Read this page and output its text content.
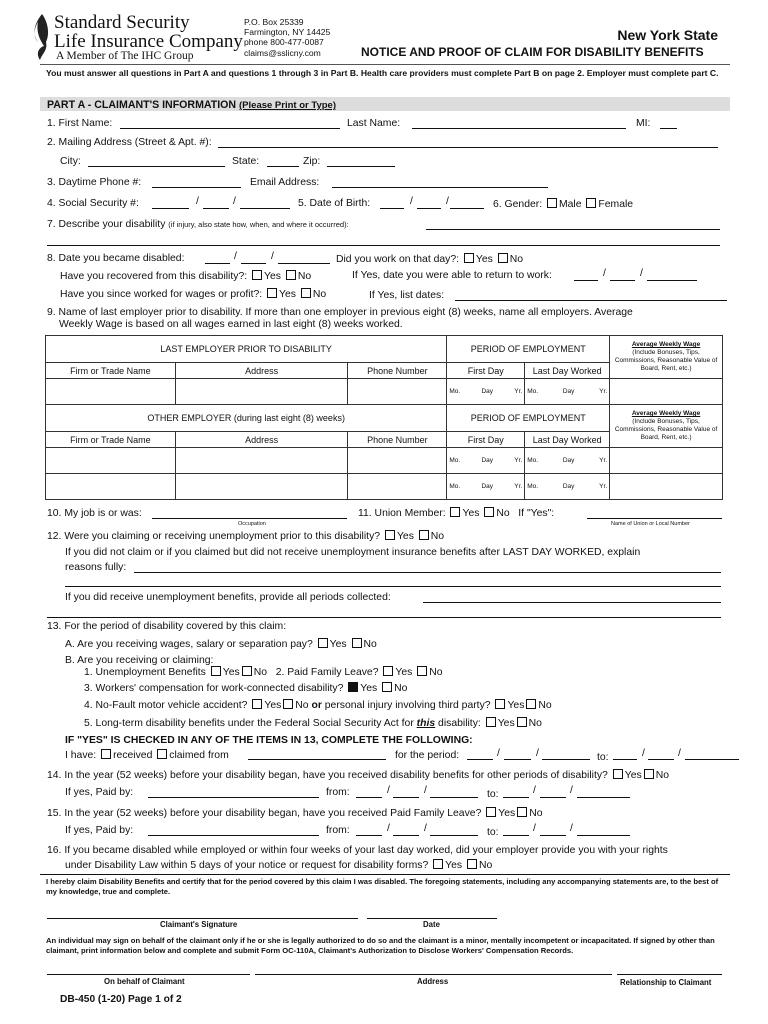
Standard Security
Life Insurance Company
A Member of The IHC Group
P.O. Box 25339
Farmington, NY 14425
phone 800-477-0087
claims@sslicny.com
New York State
NOTICE AND PROOF OF CLAIM FOR DISABILITY BENEFITS
You must answer all questions in Part A and questions 1 through 3 in Part B. Health care providers must complete Part B on page 2. Employer must complete part C.
PART A - CLAIMANT'S INFORMATION (Please Print or Type)
1. First Name:	Last Name:	MI:
2. Mailing Address (Street & Apt. #):
City:	State:	Zip:
3. Daytime Phone #:	Email Address:
4. Social Security #:	/	/	5. Date of Birth:	/	/	6. Gender: Male Female
7. Describe your disability (if injury, also state how, when, and where it occurred):
8. Date you became disabled:	/	/	Did you work on that day?: Yes No
Have you recovered from this disability?: Yes No	If Yes, date you were able to return to work:	/	/
Have you since worked for wages or profit?: Yes No	If Yes, list dates:
9. Name of last employer prior to disability. If more than one employer in previous eight (8) weeks, name all employers. Average
Weekly Wage is based on all wages earned in last eight (8) weeks worked.
LAST EMPLOYER PRIOR TO DISABILITY			PERIOD OF EMPLOYMENT		Average Weekly Wage
(Include Bonuses, Tips, Commissions, Reasonable Value of Board, Rent, etc.)

Firm or Trade Name	Address	Phone Number	First Day	Last Day Worked	

			Mo. Day Yr.	Mo. Day Yr.	

OTHER EMPLOYER (during last eight (8) weeks)			PERIOD OF EMPLOYMENT		Average Weekly Wage
(Include Bonuses, Tips, Commissions, Reasonable Value of Board, Rent, etc.)

Firm or Trade Name	Address	Phone Number	First Day	Last Day Worked	

			Mo. Day Yr.	Mo. Day Yr.	

			Mo. Day Yr.	Mo. Day Yr.	

10. My job is or was:
Occupation
11. Union Member: Yes No If "Yes":
Name of Union or Local Number
12. Were you claiming or receiving unemployment prior to this disability? Yes No
If you did not claim or if you claimed but did not receive unemployment insurance benefits after LAST DAY WORKED, explain
reasons fully:
If you did receive unemployment benefits, provide all periods collected:
13. For the period of disability covered by this claim:
A. Are you receiving wages, salary or separation pay? Yes No
B. Are you receiving or claiming:
1. Unemployment Benefits Yes No 2. Paid Family Leave? Yes No
3. Workers' compensation for work-connected disability? Yes No
4. No-Fault motor vehicle accident? Yes No or personal injury involving third party? Yes No
5. Long-term disability benefits under the Federal Social Security Act for this disability: Yes No
IF "YES" IS CHECKED IN ANY OF THE ITEMS IN 13, COMPLETE THE FOLLOWING:
I have: received claimed from	for the period:	/	/	to:	/	/
14. In the year (52 weeks) before your disability began, have you received disability benefits for other periods of disability? Yes No
If yes, Paid by:	from:	/	/	to:	/	/
15. In the year (52 weeks) before your disability began, have you received Paid Family Leave? Yes No
If yes, Paid by:	from:	/	/	to:	/	/
16. If you became disabled while employed or within four weeks of your last day worked, did your employer provide you with your rights
under Disability Law within 5 days of your notice or request for disability forms? Yes No
I hereby claim Disability Benefits and certify that for the period covered by this claim I was disabled. The foregoing statements, including any accompanying statements are, to the best of my knowledge, true and complete.
Claimant's Signature	Date
An individual may sign on behalf of the claimant only if he or she is legally authorized to do so and the claimant is a minor, mentally incompetent or incapacitated. If signed by other than claimant, print information below and complete and submit Form OC-110A, Claimant's Authorization to Disclose Workers' Compensation Records.
On behalf of Claimant	Address	Relationship to Claimant
DB-450 (1-20) Page 1 of 2
